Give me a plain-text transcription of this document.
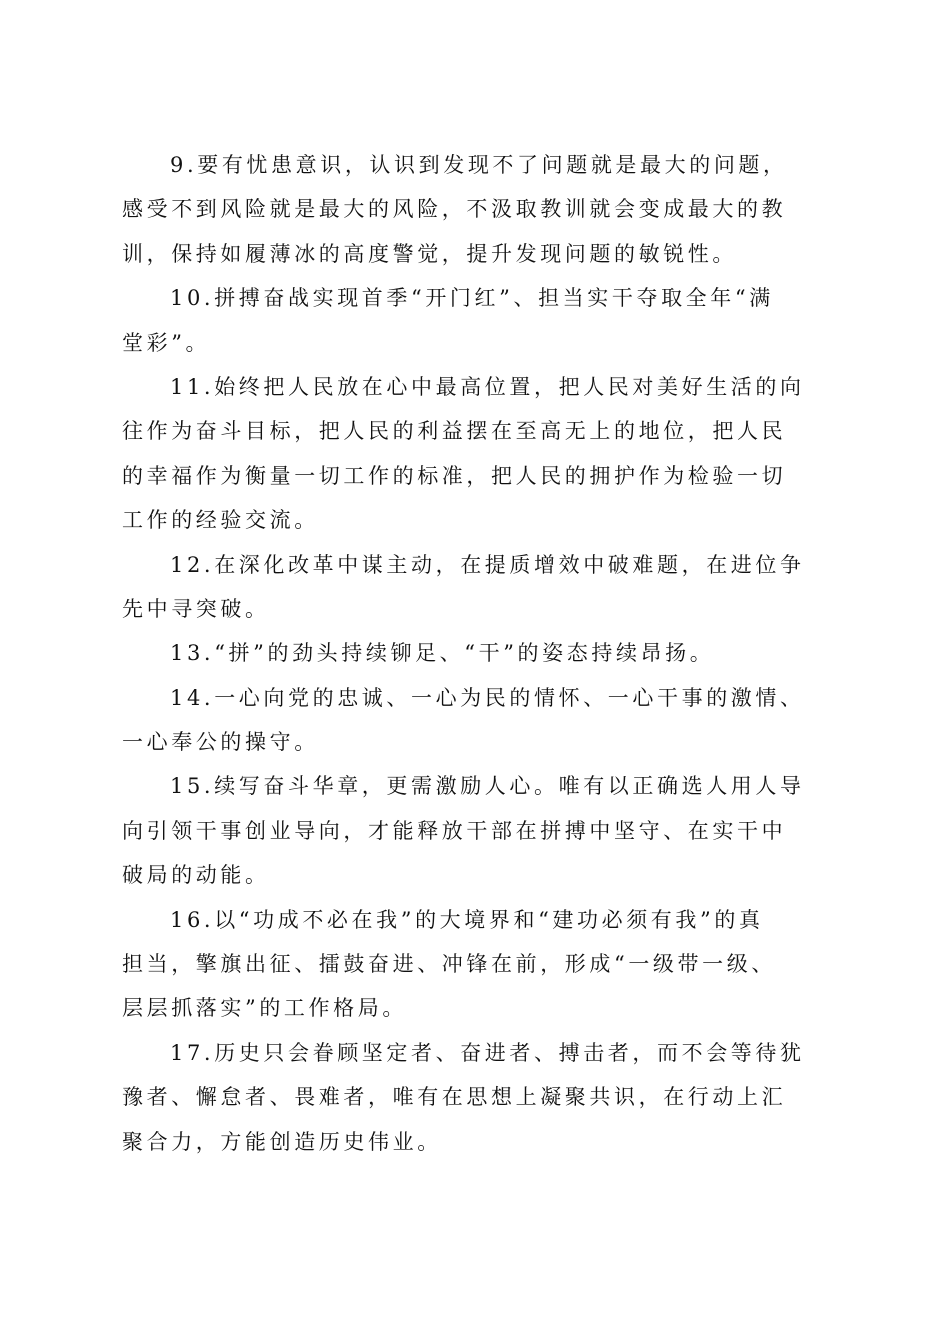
9.要有忧患意识，认识到发现不了问题就是最大的问题，
感受不到风险就是最大的风险，不汲取教训就会变成最大的教
训，保持如履薄冰的高度警觉，提升发现问题的敏锐性。

10.拼搏奋战实现首季“开门红”、担当实干夺取全年“满
堂彩”。

11.始终把人民放在心中最高位置，把人民对美好生活的向
往作为奋斗目标，把人民的利益摆在至高无上的地位，把人民
的幸福作为衡量一切工作的标准，把人民的拥护作为检验一切
工作的经验交流。

12.在深化改革中谋主动，在提质增效中破难题，在进位争
先中寻突破。

13.“拼”的劲头持续铆足、“干”的姿态持续昂扬。

14.一心向党的忠诚、一心为民的情怀、一心干事的激情、
一心奉公的操守。

15.续写奋斗华章，更需激励人心。唯有以正确选人用人导
向引领干事创业导向，才能释放干部在拼搏中坚守、在实干中
破局的动能。

16.以“功成不必在我”的大境界和“建功必须有我”的真
担当，擎旗出征、擂鼓奋进、冲锋在前，形成“一级带一级、
层层抓落实”的工作格局。

17.历史只会眷顾坚定者、奋进者、搏击者，而不会等待犹
豫者、懈怠者、畏难者，唯有在思想上凝聚共识，在行动上汇
聚合力，方能创造历史伟业。
